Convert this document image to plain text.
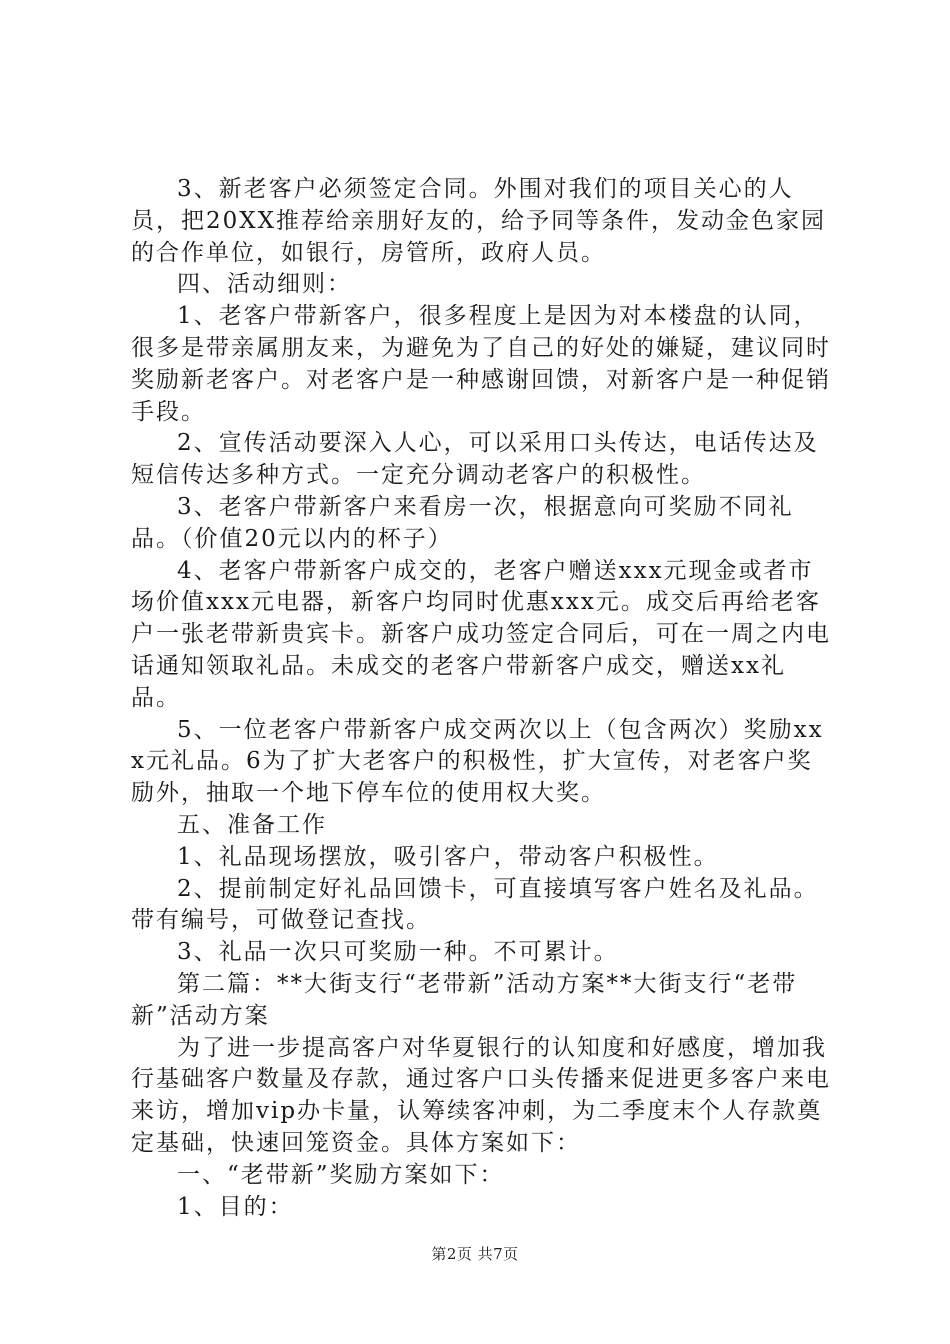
3、新老客户必须签定合同。外围对我们的项目关心的人员，把20XX推荐给亲朋好友的，给予同等条件，发动金色家园的合作单位，如银行，房管所，政府人员。

四、活动细则：

1、老客户带新客户，很多程度上是因为对本楼盘的认同，很多是带亲属朋友来，为避免为了自己的好处的嫌疑，建议同时奖励新老客户。对老客户是一种感谢回馈，对新客户是一种促销手段。

2、宣传活动要深入人心，可以采用口头传达，电话传达及短信传达多种方式。一定充分调动老客户的积极性。

3、老客户带新客户来看房一次，根据意向可奖励不同礼品。（价值20元以内的杯子）

4、老客户带新客户成交的，老客户赠送xxx元现金或者市场价值xxx元电器，新客户均同时优惠xxx元。成交后再给老客户一张老带新贵宾卡。新客户成功签定合同后，可在一周之内电话通知领取礼品。未成交的老客户带新客户成交，赠送xx礼品。

5、一位老客户带新客户成交两次以上（包含两次）奖励xxx元礼品。6为了扩大老客户的积极性，扩大宣传，对老客户奖励外，抽取一个地下停车位的使用权大奖。

五、准备工作

1、礼品现场摆放，吸引客户，带动客户积极性。

2、提前制定好礼品回馈卡，可直接填写客户姓名及礼品。带有编号，可做登记查找。

3、礼品一次只可奖励一种。不可累计。

第二篇：**大街支行“老带新”活动方案**大街支行“老带新”活动方案

为了进一步提高客户对华夏银行的认知度和好感度，增加我行基础客户数量及存款，通过客户口头传播来促进更多客户来电来访，增加vip办卡量，认筹续客冲刺，为二季度末个人存款奠定基础，快速回笼资金。具体方案如下：

一、“老带新”奖励方案如下：

1、目的：

第2页 共7页
